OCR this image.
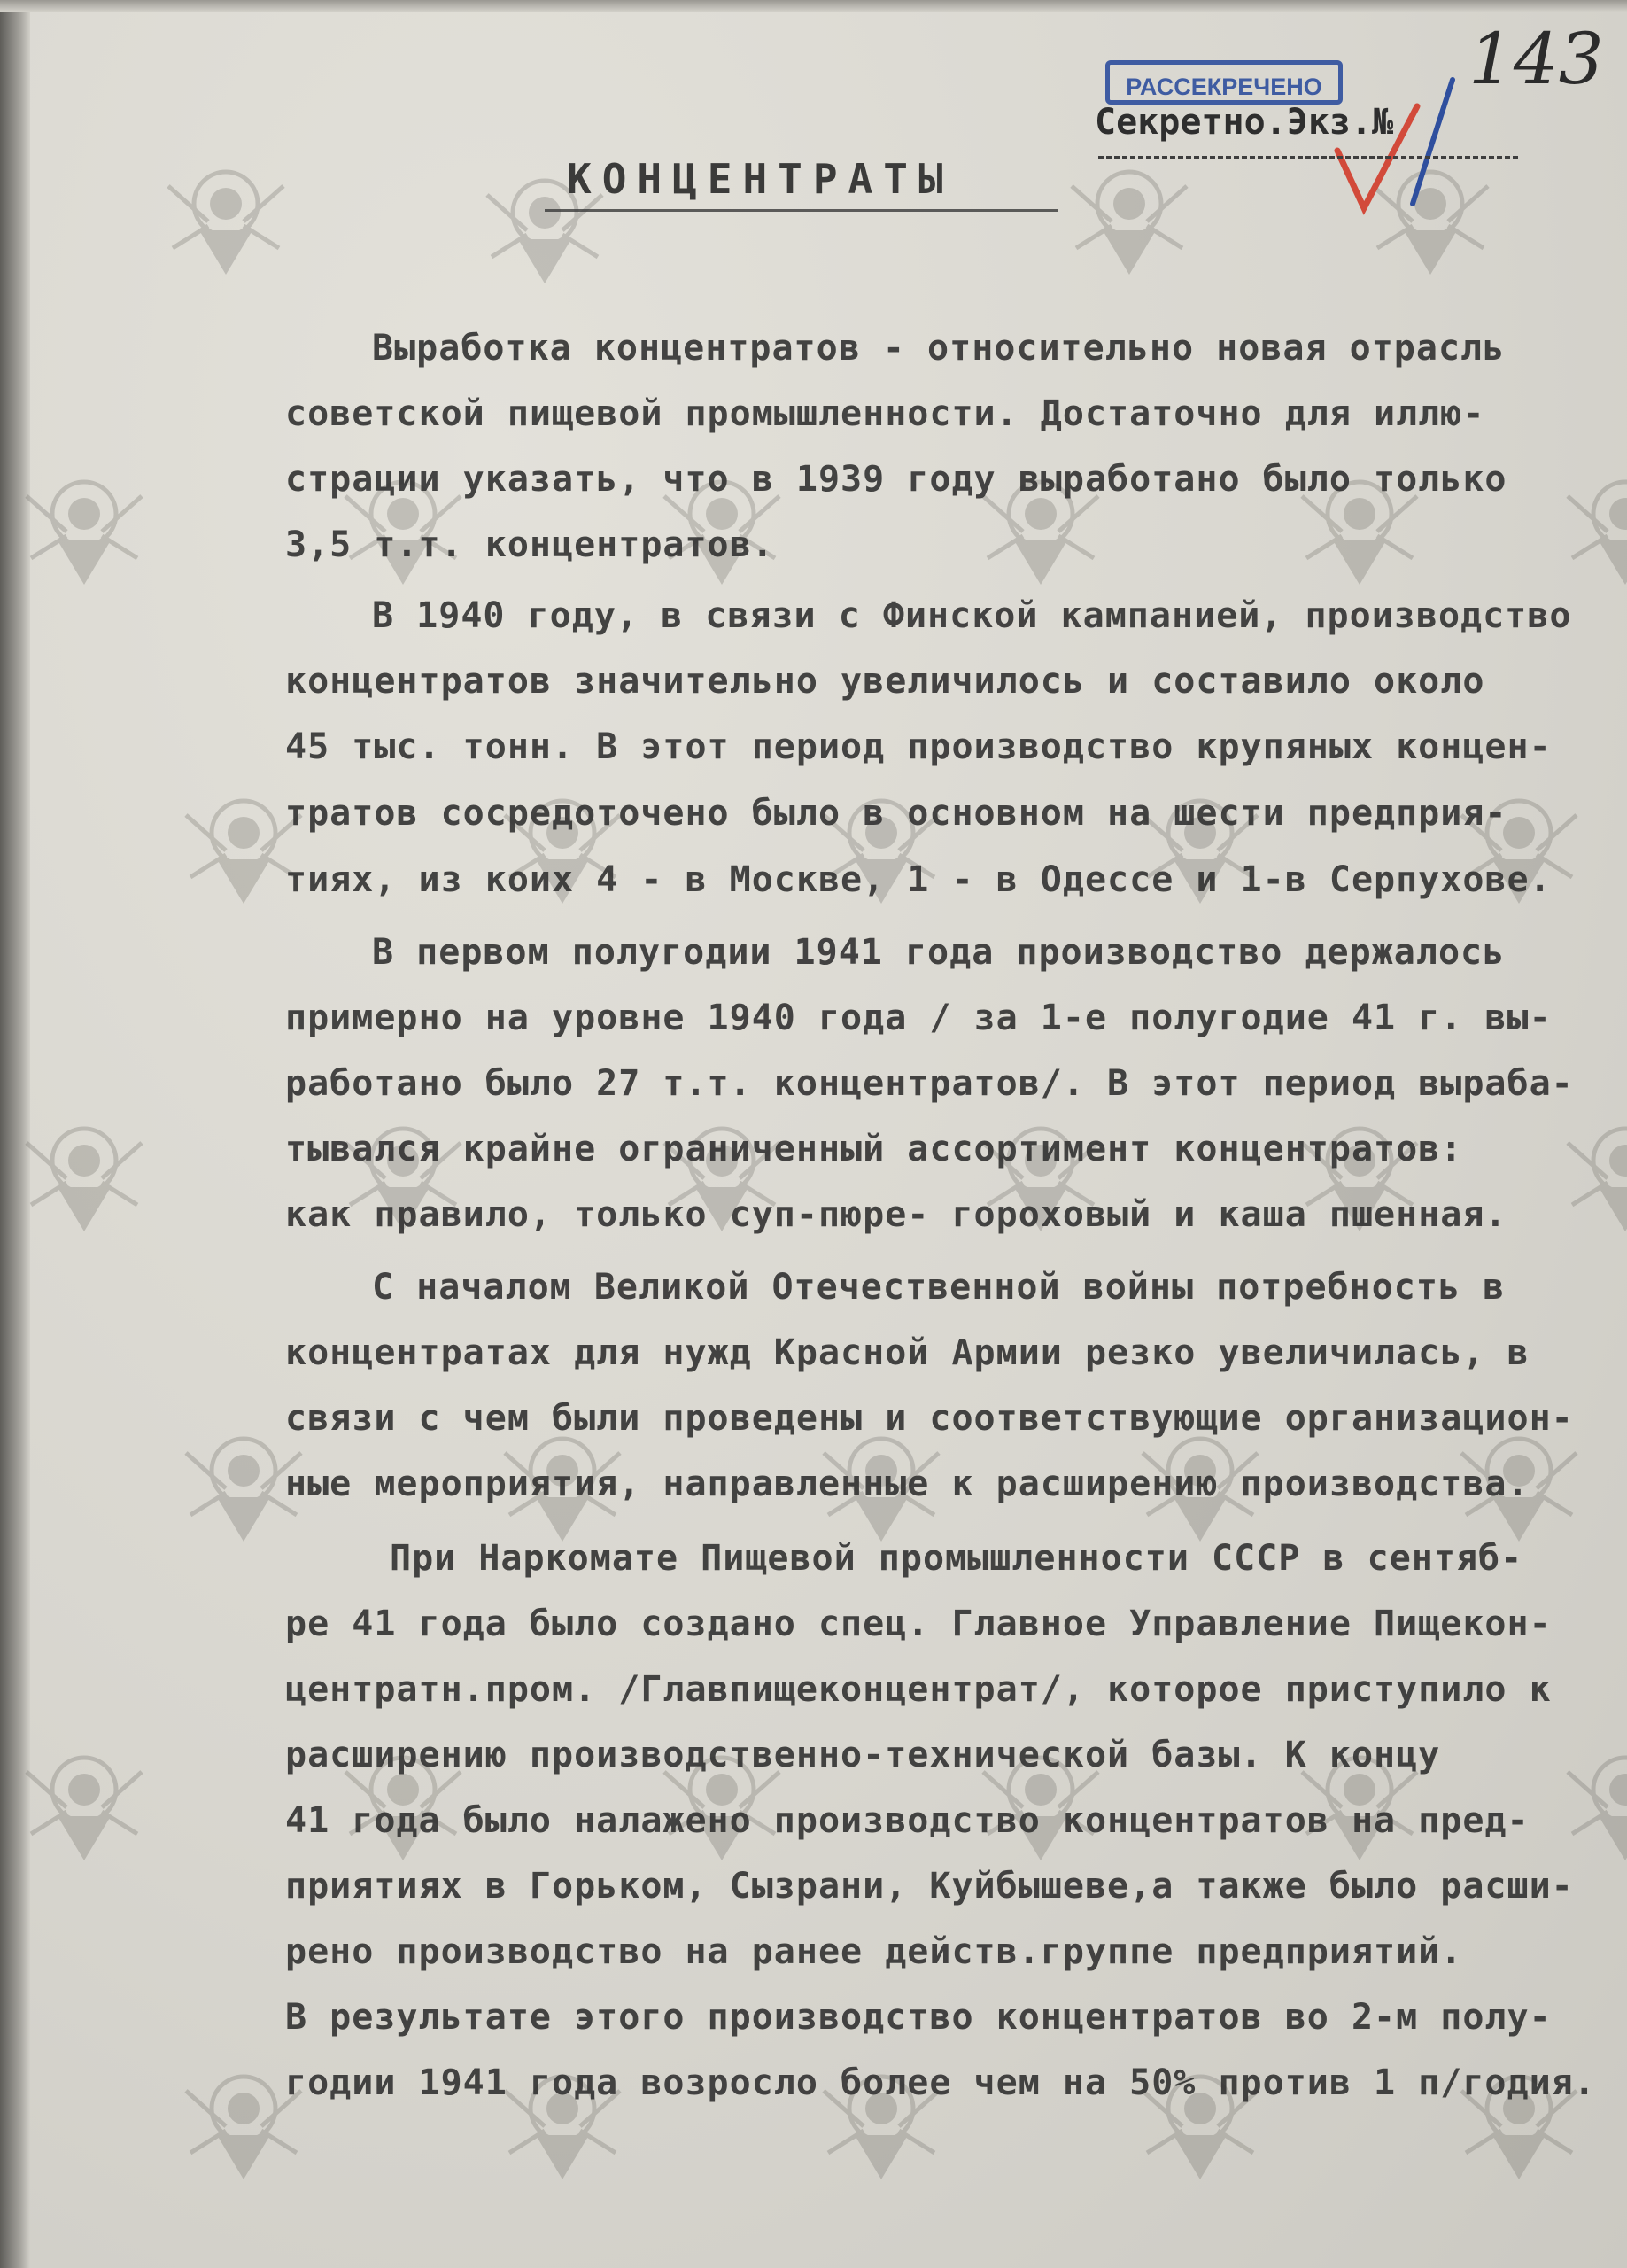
143
РАССЕКРЕЧЕНО
Секретно.Экз.№
КОНЦЕНТРАТЫ
Выработка концентратов - относительно новая отрасль
советской пищевой промышленности. Достаточно для иллю-
страции указать, что в 1939 году выработано было только
3,5 т.т. концентратов.
В 1940 году, в связи с Финской кампанией, производство
концентратов значительно увеличилось и составило около
45 тыс. тонн. В этот период производство крупяных концен-
тратов сосредоточено было в основном на шести предприя-
тиях, из коих 4 - в Москве, 1 - в Одессе и 1-в Серпухове.
В первом полугодии 1941 года производство держалось
примерно на уровне 1940 года / за 1-е полугодие 41 г. вы-
работано было 27 т.т. концентратов/. В этот период выраба-
тывался крайне ограниченный ассортимент концентратов:
как правило, только суп-пюре- гороховый и каша пшенная.
С началом Великой Отечественной войны потребность в
концентратах для нужд Красной Армии резко увеличилась, в
связи с чем были проведены и соответствующие организацион-
ные мероприятия, направленные к расширению производства.
При Наркомате Пищевой промышленности СССР в сентяб-
ре 41 года было создано спец. Главное Управление Пищекон-
центратн.пром. /Главпищеконцентрат/, которое приступило к
расширению производственно-технической базы. К концу
41 года было налажено производство концентратов на пред-
приятиях в Горьком, Сызрани, Куйбышеве,а также было расши-
рено производство на ранее действ.группе предприятий.
В результате этого производство концентратов во 2-м полу-
годии 1941 года возросло более чем на 50% против 1 п/годия.
